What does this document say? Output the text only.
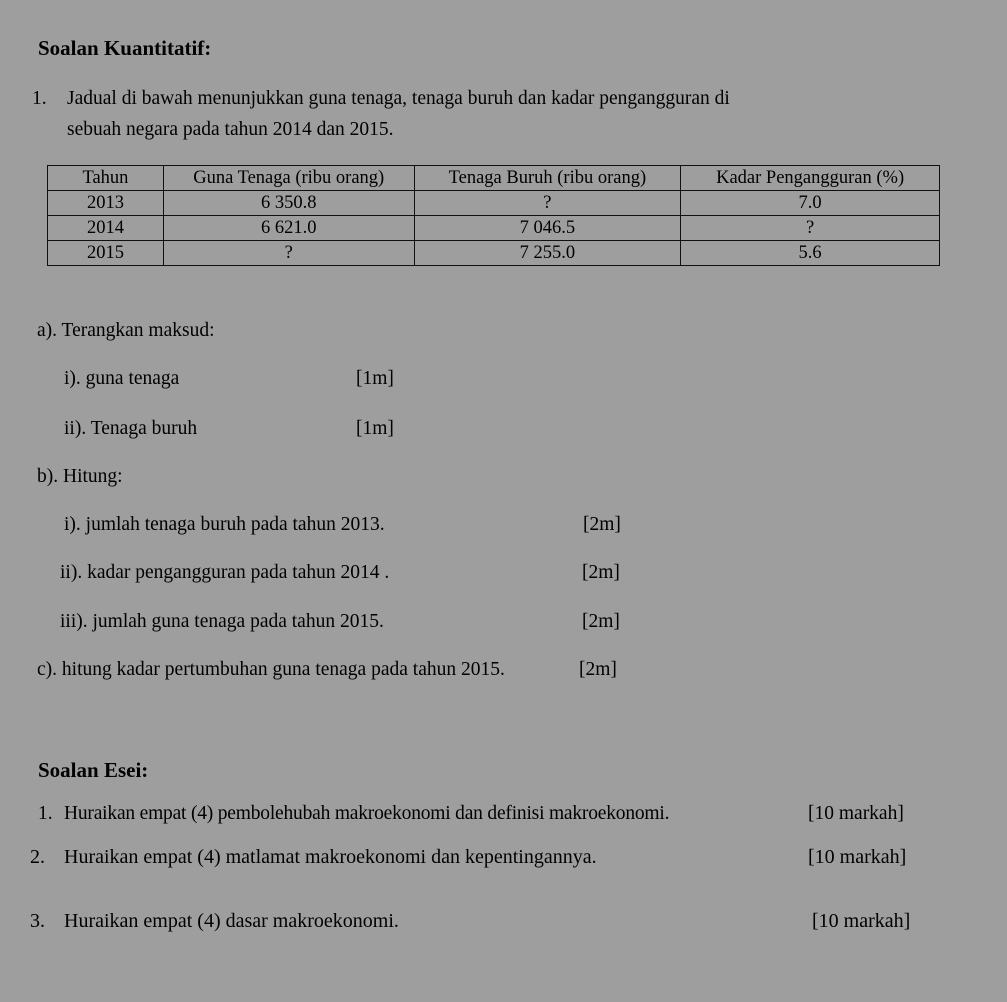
Soalan Kuantitatif:
1. Jadual di bawah menunjukkan guna tenaga, tenaga buruh dan kadar pengangguran di
sebuah negara pada tahun 2014 dan 2015.
Tahun	Guna Tenaga (ribu orang)	Tenaga Buruh (ribu orang)	Kadar Pengangguran (%)
2013	6 350.8	?	7.0
2014	6 621.0	7 046.5	?
2015	?	7 255.0	5.6
a). Terangkan maksud:
i). guna tenaga	[1m]
ii). Tenaga buruh	[1m]
b). Hitung:
i). jumlah tenaga buruh pada tahun 2013.	[2m]
ii). kadar pengangguran pada tahun 2014 .	[2m]
iii). jumlah guna tenaga pada tahun 2015.	[2m]
c). hitung kadar pertumbuhan guna tenaga pada tahun 2015.	[2m]
Soalan Esei:
1. Huraikan empat (4) pembolehubah makroekonomi dan definisi makroekonomi.	[10 markah]
2. Huraikan empat (4) matlamat makroekonomi dan kepentingannya.	[10 markah]
3. Huraikan empat (4) dasar makroekonomi.	[10 markah]
